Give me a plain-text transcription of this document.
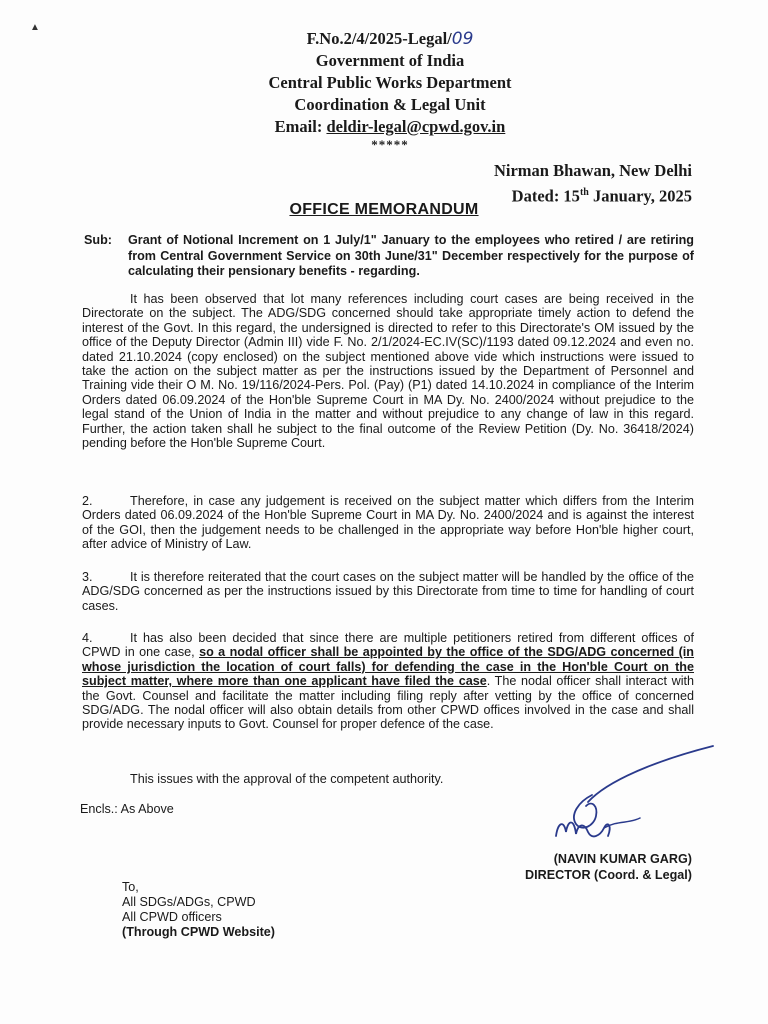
▲
F.No.2/4/2025-Legal/09
Government of India
Central Public Works Department
Coordination & Legal Unit
Email: deldir-legal@cpwd.gov.in
*****
Nirman Bhawan, New Delhi
Dated: 15th January, 2025
OFFICE MEMORANDUM
Sub: Grant of Notional Increment on 1 July/1" January to the employees who retired / are retiring from Central Government Service on 30th June/31" December respectively for the purpose of calculating their pensionary benefits - regarding.
It has been observed that lot many references including court cases are being received in the Directorate on the subject. The ADG/SDG concerned should take appropriate timely action to defend the interest of the Govt. In this regard, the undersigned is directed to refer to this Directorate's OM issued by the office of the Deputy Director (Admin III) vide F. No. 2/1/2024-EC.IV(SC)/1193 dated 09.12.2024 and even no. dated 21.10.2024 (copy enclosed) on the subject mentioned above vide which instructions were issued to take the action on the subject matter as per the instructions issued by the Department of Personnel and Training vide their O M. No. 19/116/2024-Pers. Pol. (Pay) (P1) dated 14.10.2024 in compliance of the Interim Orders dated 06.09.2024 of the Hon'ble Supreme Court in MA Dy. No. 2400/2024 without prejudice to the legal stand of the Union of India in the matter and without prejudice to any change of law in this regard. Further, the action taken shall he subject to the final outcome of the Review Petition (Dy. No. 36418/2024) pending before the Hon'ble Supreme Court.
2.	Therefore, in case any judgement is received on the subject matter which differs from the Interim Orders dated 06.09.2024 of the Hon'ble Supreme Court in MA Dy. No. 2400/2024 and is against the interest of the GOI, then the judgement needs to be challenged in the appropriate way before Hon'ble higher court, after advice of Ministry of Law.
3.	It is therefore reiterated that the court cases on the subject matter will be handled by the office of the ADG/SDG concerned as per the instructions issued by this Directorate from time to time for handling of court cases.
4.	It has also been decided that since there are multiple petitioners retired from different offices of CPWD in one case, so a nodal officer shall be appointed by the office of the SDG/ADG concerned (in whose jurisdiction the location of court falls) for defending the case in the Hon'ble Court on the subject matter, where more than one applicant have filed the case. The nodal officer shall interact with the Govt. Counsel and facilitate the matter including filing reply after vetting by the office of concerned SDG/ADG. The nodal officer will also obtain details from other CPWD offices involved in the case and shall provide necessary inputs to Govt. Counsel for proper defence of the case.
This issues with the approval of the competent authority.
Encls.: As Above
(NAVIN KUMAR GARG)
DIRECTOR (Coord. & Legal)
To,
All SDGs/ADGs, CPWD
All CPWD officers
(Through CPWD Website)
